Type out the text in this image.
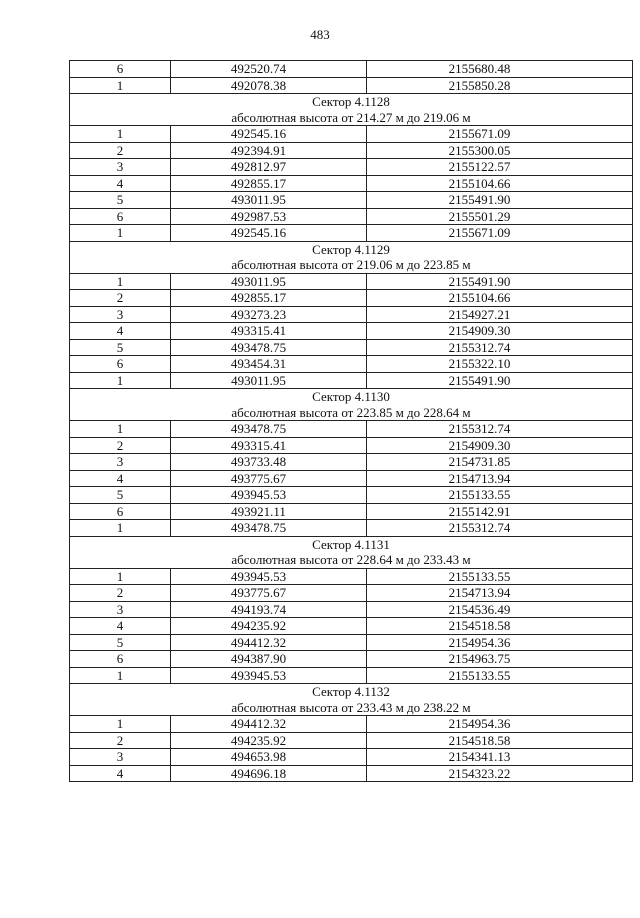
483
6	492520.74	2155680.48
1	492078.38	2155850.28

Сектор 4.1128
абсолютная высота от 214.27 м до 219.06 м		

1	492545.16	2155671.09
2	492394.91	2155300.05
3	492812.97	2155122.57
4	492855.17	2155104.66
5	493011.95	2155491.90
6	492987.53	2155501.29
1	492545.16	2155671.09

Сектор 4.1129
абсолютная высота от 219.06 м до 223.85 м		

1	493011.95	2155491.90
2	492855.17	2155104.66
3	493273.23	2154927.21
4	493315.41	2154909.30
5	493478.75	2155312.74
6	493454.31	2155322.10
1	493011.95	2155491.90

Сектор 4.1130
абсолютная высота от 223.85 м до 228.64 м		

1	493478.75	2155312.74
2	493315.41	2154909.30
3	493733.48	2154731.85
4	493775.67	2154713.94
5	493945.53	2155133.55
6	493921.11	2155142.91
1	493478.75	2155312.74

Сектор 4.1131
абсолютная высота от 228.64 м до 233.43 м		

1	493945.53	2155133.55
2	493775.67	2154713.94
3	494193.74	2154536.49
4	494235.92	2154518.58
5	494412.32	2154954.36
6	494387.90	2154963.75
1	493945.53	2155133.55

Сектор 4.1132
абсолютная высота от 233.43 м до 238.22 м		

1	494412.32	2154954.36
2	494235.92	2154518.58
3	494653.98	2154341.13
4	494696.18	2154323.22
